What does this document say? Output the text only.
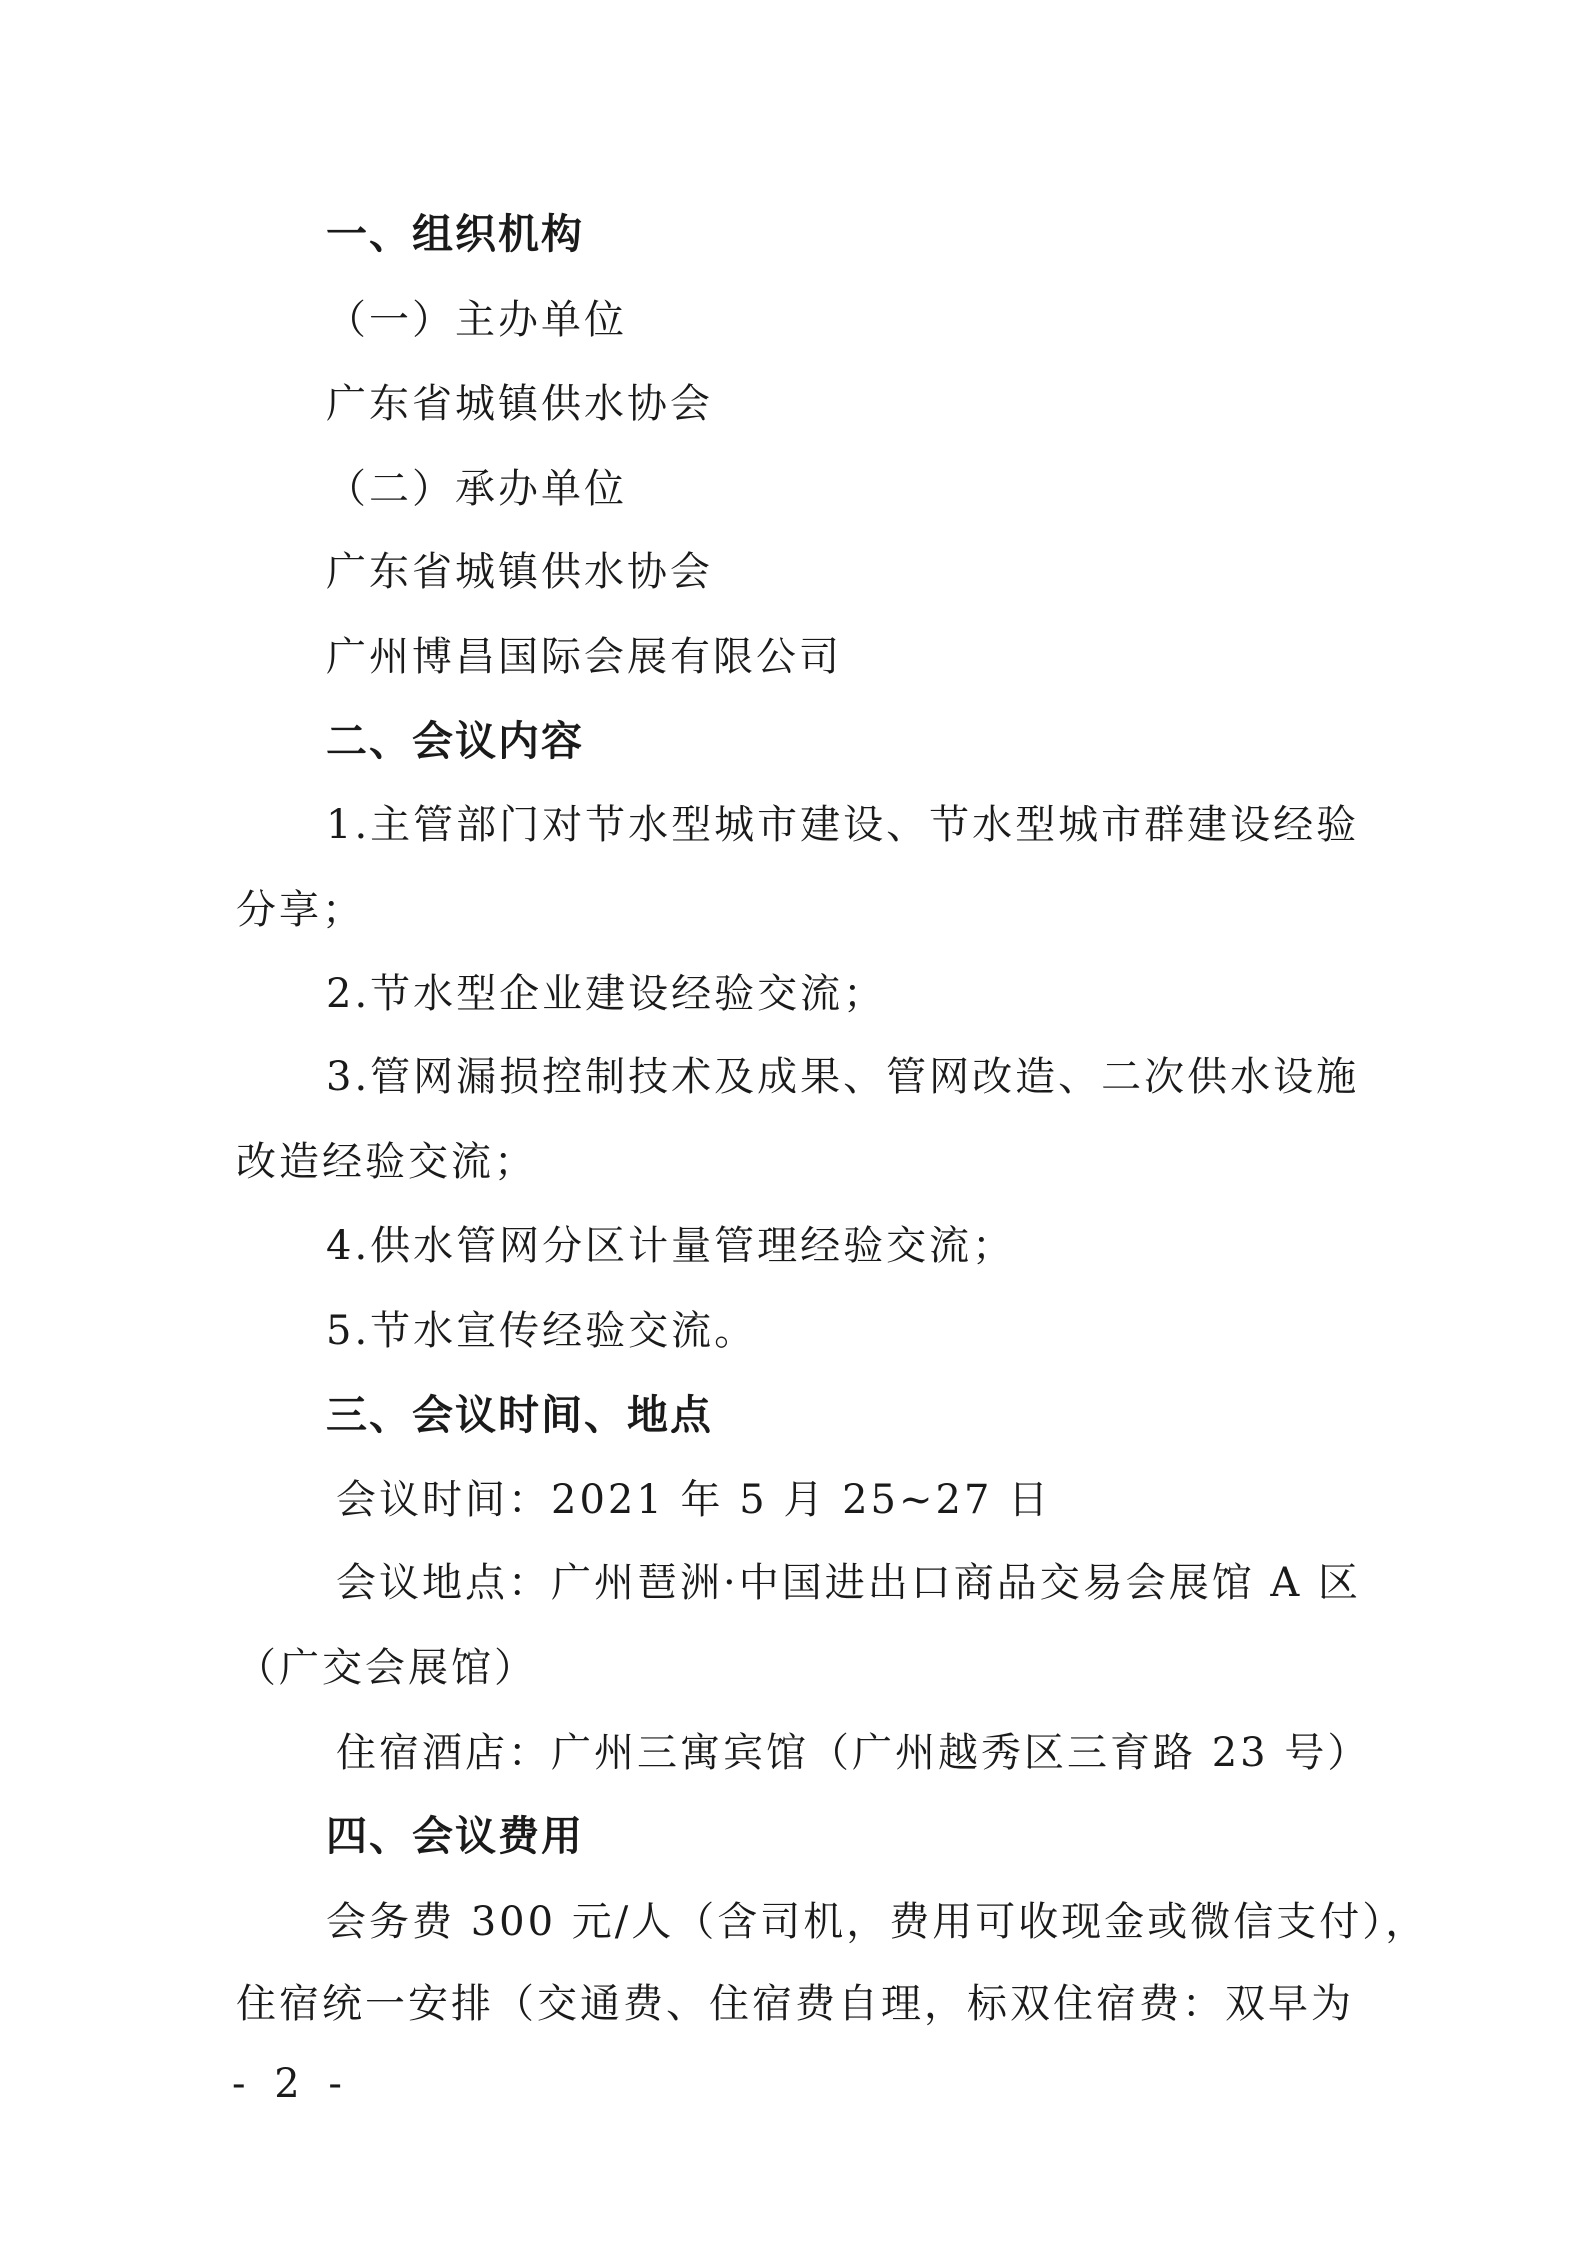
一、组织机构
（一）主办单位
广东省城镇供水协会
（二）承办单位
广东省城镇供水协会
广州博昌国际会展有限公司
二、会议内容
1.主管部门对节水型城市建设、节水型城市群建设经验
分享；
2.节水型企业建设经验交流；
3.管网漏损控制技术及成果、管网改造、二次供水设施
改造经验交流；
4.供水管网分区计量管理经验交流；
5.节水宣传经验交流。
三、会议时间、地点
会议时间：2021 年 5 月 25~27 日
会议地点：广州琶洲·中国进出口商品交易会展馆 A 区
（广交会展馆）
住宿酒店：广州三寓宾馆（广州越秀区三育路 23 号）
四、会议费用
会务费 300 元/人（含司机，费用可收现金或微信支付），
住宿统一安排（交通费、住宿费自理，标双住宿费：双早为
- 2 -
